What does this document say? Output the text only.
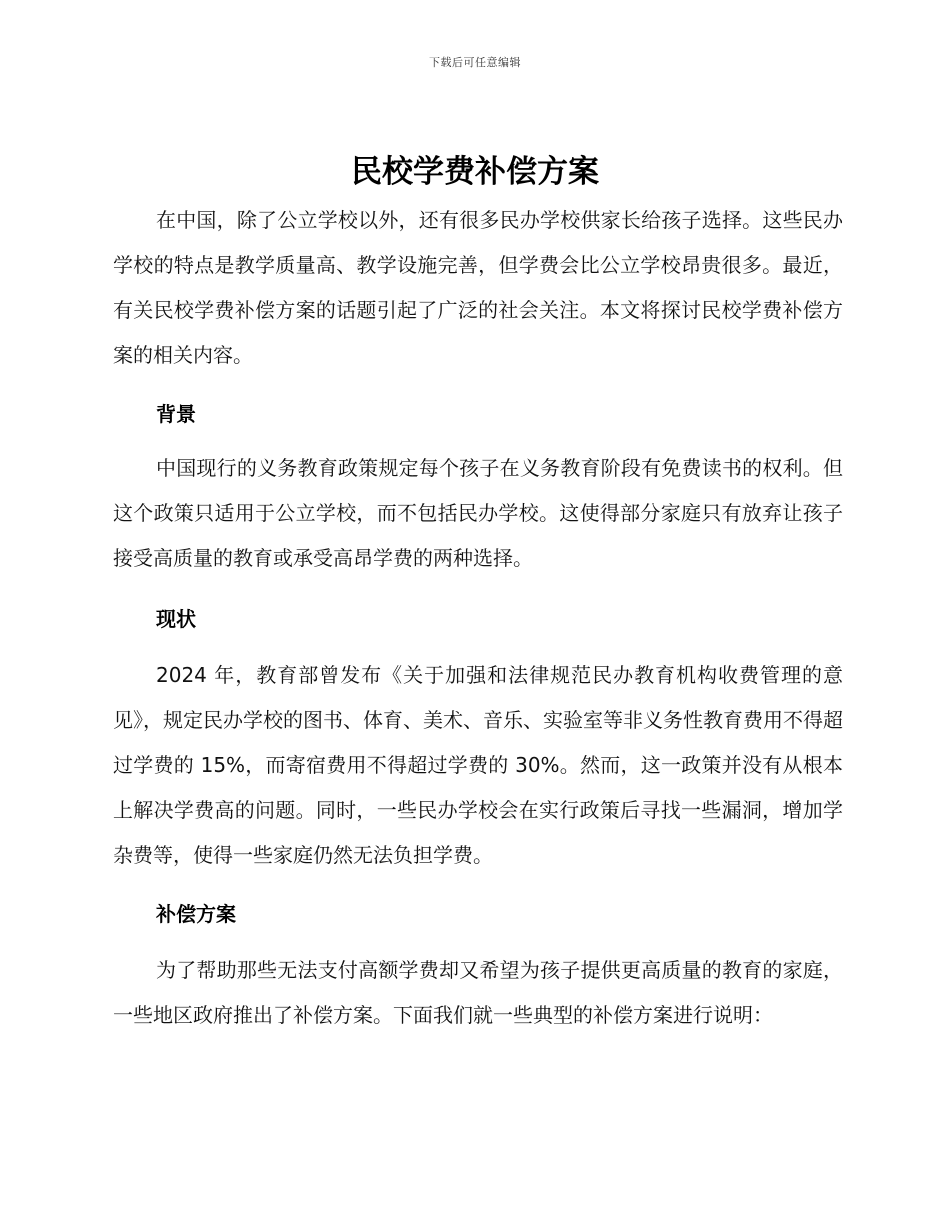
下载后可任意编辑
民校学费补偿方案

在中国，除了公立学校以外，还有很多民办学校供家长给孩子选择。这些民办学校的特点是教学质量高、教学设施完善，但学费会比公立学校昂贵很多。最近，有关民校学费补偿方案的话题引起了广泛的社会关注。本文将探讨民校学费补偿方案的相关内容。

背景

中国现行的义务教育政策规定每个孩子在义务教育阶段有免费读书的权利。但这个政策只适用于公立学校，而不包括民办学校。这使得部分家庭只有放弃让孩子接受高质量的教育或承受高昂学费的两种选择。

现状

2024 年，教育部曾发布《关于加强和法律规范民办教育机构收费管理的意见》，规定民办学校的图书、体育、美术、音乐、实验室等非义务性教育费用不得超过学费的 15%，而寄宿费用不得超过学费的 30%。然而，这一政策并没有从根本上解决学费高的问题。同时，一些民办学校会在实行政策后寻找一些漏洞，增加学杂费等，使得一些家庭仍然无法负担学费。

补偿方案

为了帮助那些无法支付高额学费却又希望为孩子提供更高质量的教育的家庭，一些地区政府推出了补偿方案。下面我们就一些典型的补偿方案进行说明：
